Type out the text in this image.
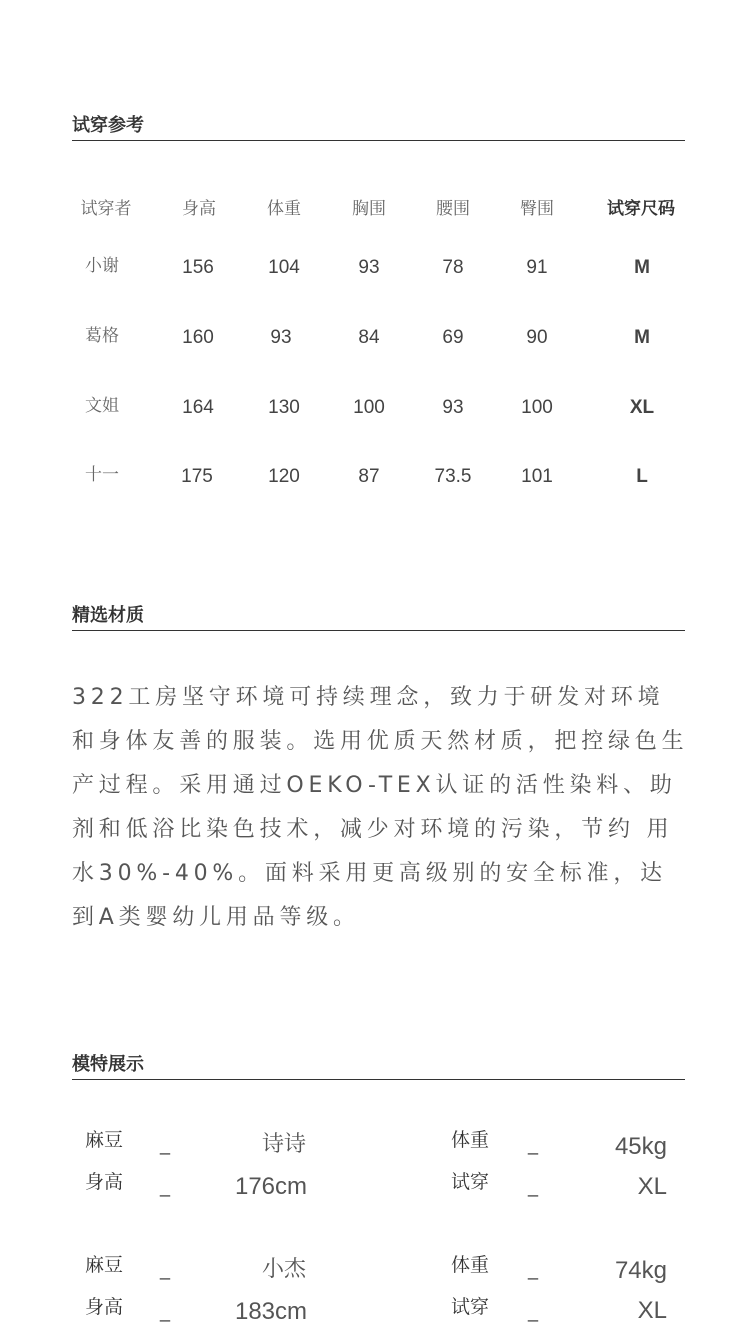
试穿参考
试穿者	身高	体重	胸围	腰围	臀围	试穿尺码
小谢	156	104	93	78	91	M
葛格	160	93	84	69	90	M
文姐	164	130	100	93	100	XL
十一	175	120	87	73.5	101	L
精选材质

322工房坚守环境可持续理念，致力于研发对环境和身体友善的服装。选用优质天然材质，把控绿色生产过程。采用通过OEKO-TEX认证的活性染料、助剂和低浴比染色技术，减少对环境的污染，节约 用水30%-40%。面料采用更高级别的安全标准，达到A类婴幼儿用品等级。

模特展示
麻豆 _	诗诗
身高 _	176cm
体重 _	45kg
试穿 _	XL
麻豆 _	小杰
身高 _	183cm
体重 _	74kg
试穿 _	XL
